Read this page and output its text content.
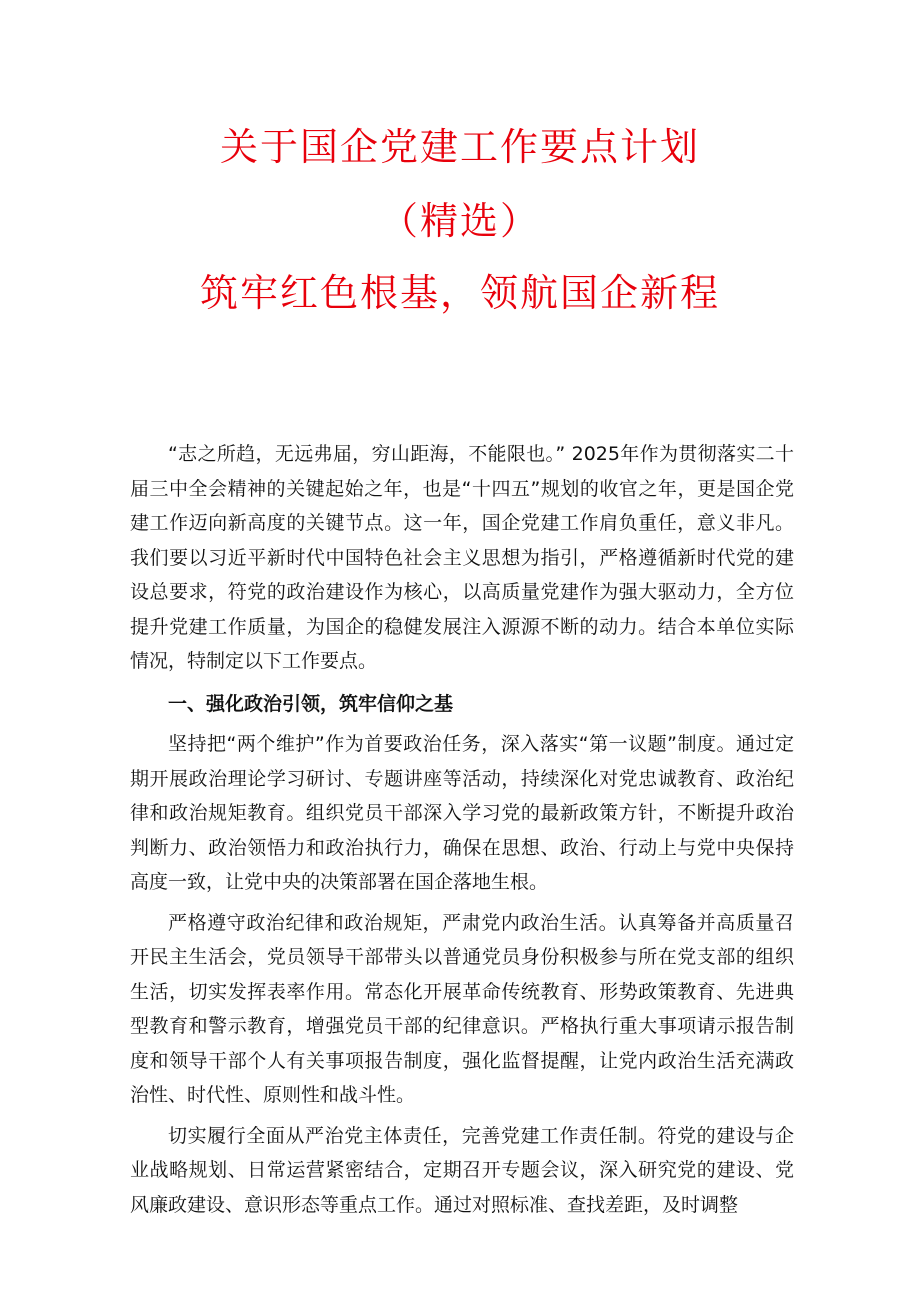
关于国企党建工作要点计划
（精选）
筑牢红色根基，领航国企新程

“志之所趋，无远弗届，穷山距海，不能限也。” 2025年作为贯彻落实二十届三中全会精神的关键起始之年，也是“十四五”规划的收官之年，更是国企党建工作迈向新高度的关键节点。这一年，国企党建工作肩负重任，意义非凡。我们要以习近平新时代中国特色社会主义思想为指引，严格遵循新时代党的建设总要求，符党的政治建设作为核心，以高质量党建作为强大驱动力，全方位提升党建工作质量，为国企的稳健发展注入源源不断的动力。结合本单位实际情况，特制定以下工作要点。

一、强化政治引领，筑牢信仰之基

坚持把“两个维护”作为首要政治任务，深入落实“第一议题”制度。通过定期开展政治理论学习研讨、专题讲座等活动，持续深化对党忠诚教育、政治纪律和政治规矩教育。组织党员干部深入学习党的最新政策方针，不断提升政治判断力、政治领悟力和政治执行力，确保在思想、政治、行动上与党中央保持高度一致，让党中央的决策部署在国企落地生根。

严格遵守政治纪律和政治规矩，严肃党内政治生活。认真筹备并高质量召开民主生活会，党员领导干部带头以普通党员身份积极参与所在党支部的组织生活，切实发挥表率作用。常态化开展革命传统教育、形势政策教育、先进典型教育和警示教育，增强党员干部的纪律意识。严格执行重大事项请示报告制度和领导干部个人有关事项报告制度，强化监督提醒，让党内政治生活充满政治性、时代性、原则性和战斗性。

切实履行全面从严治党主体责任，完善党建工作责任制。符党的建设与企业战略规划、日常运营紧密结合，定期召开专题会议，深入研究党的建设、党风廉政建设、意识形态等重点工作。通过对照标准、查找差距，及时调整
